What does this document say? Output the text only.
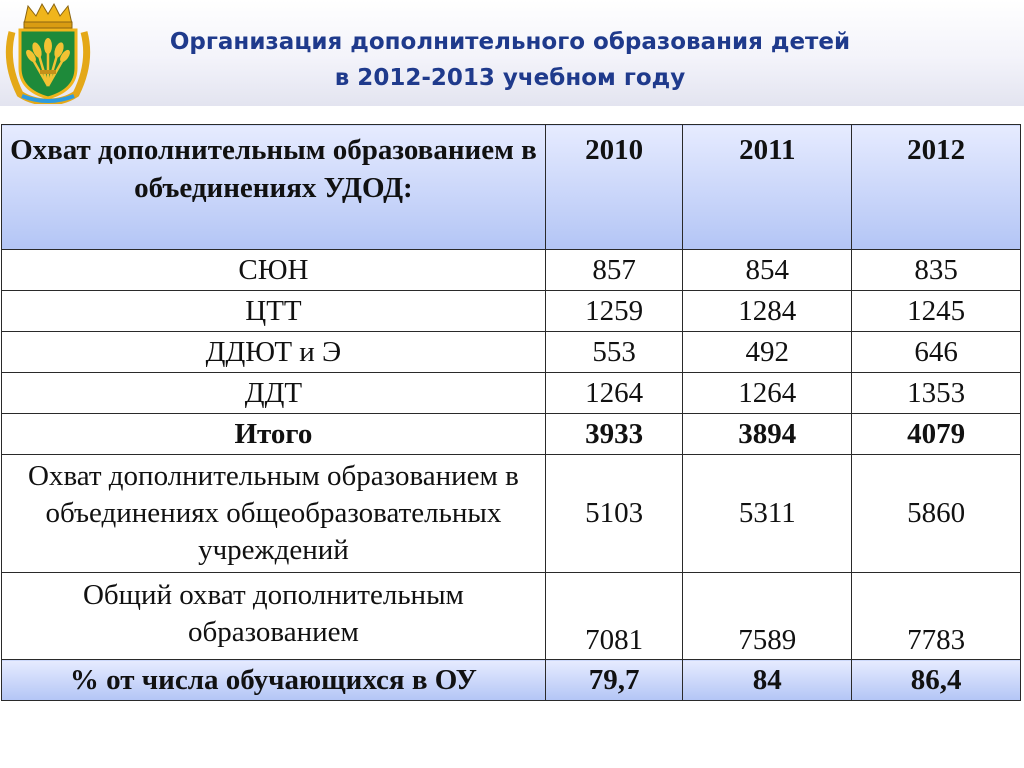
Организация дополнительного образования детей
в 2012-2013 учебном году
Охват дополнительным образованием в объединениях УДОД:	2010	2011	2012
СЮН	857	854	835
ЦТТ	1259	1284	1245
ДДЮТ и Э	553	492	646
ДДТ	1264	1264	1353
Итого	3933	3894	4079
Охват дополнительным образованием в объединениях общеобразовательных учреждений	5103	5311	5860
Общий охват дополнительным образованием	7081	7589	7783
% от числа обучающихся в ОУ	79,7	84	86,4
